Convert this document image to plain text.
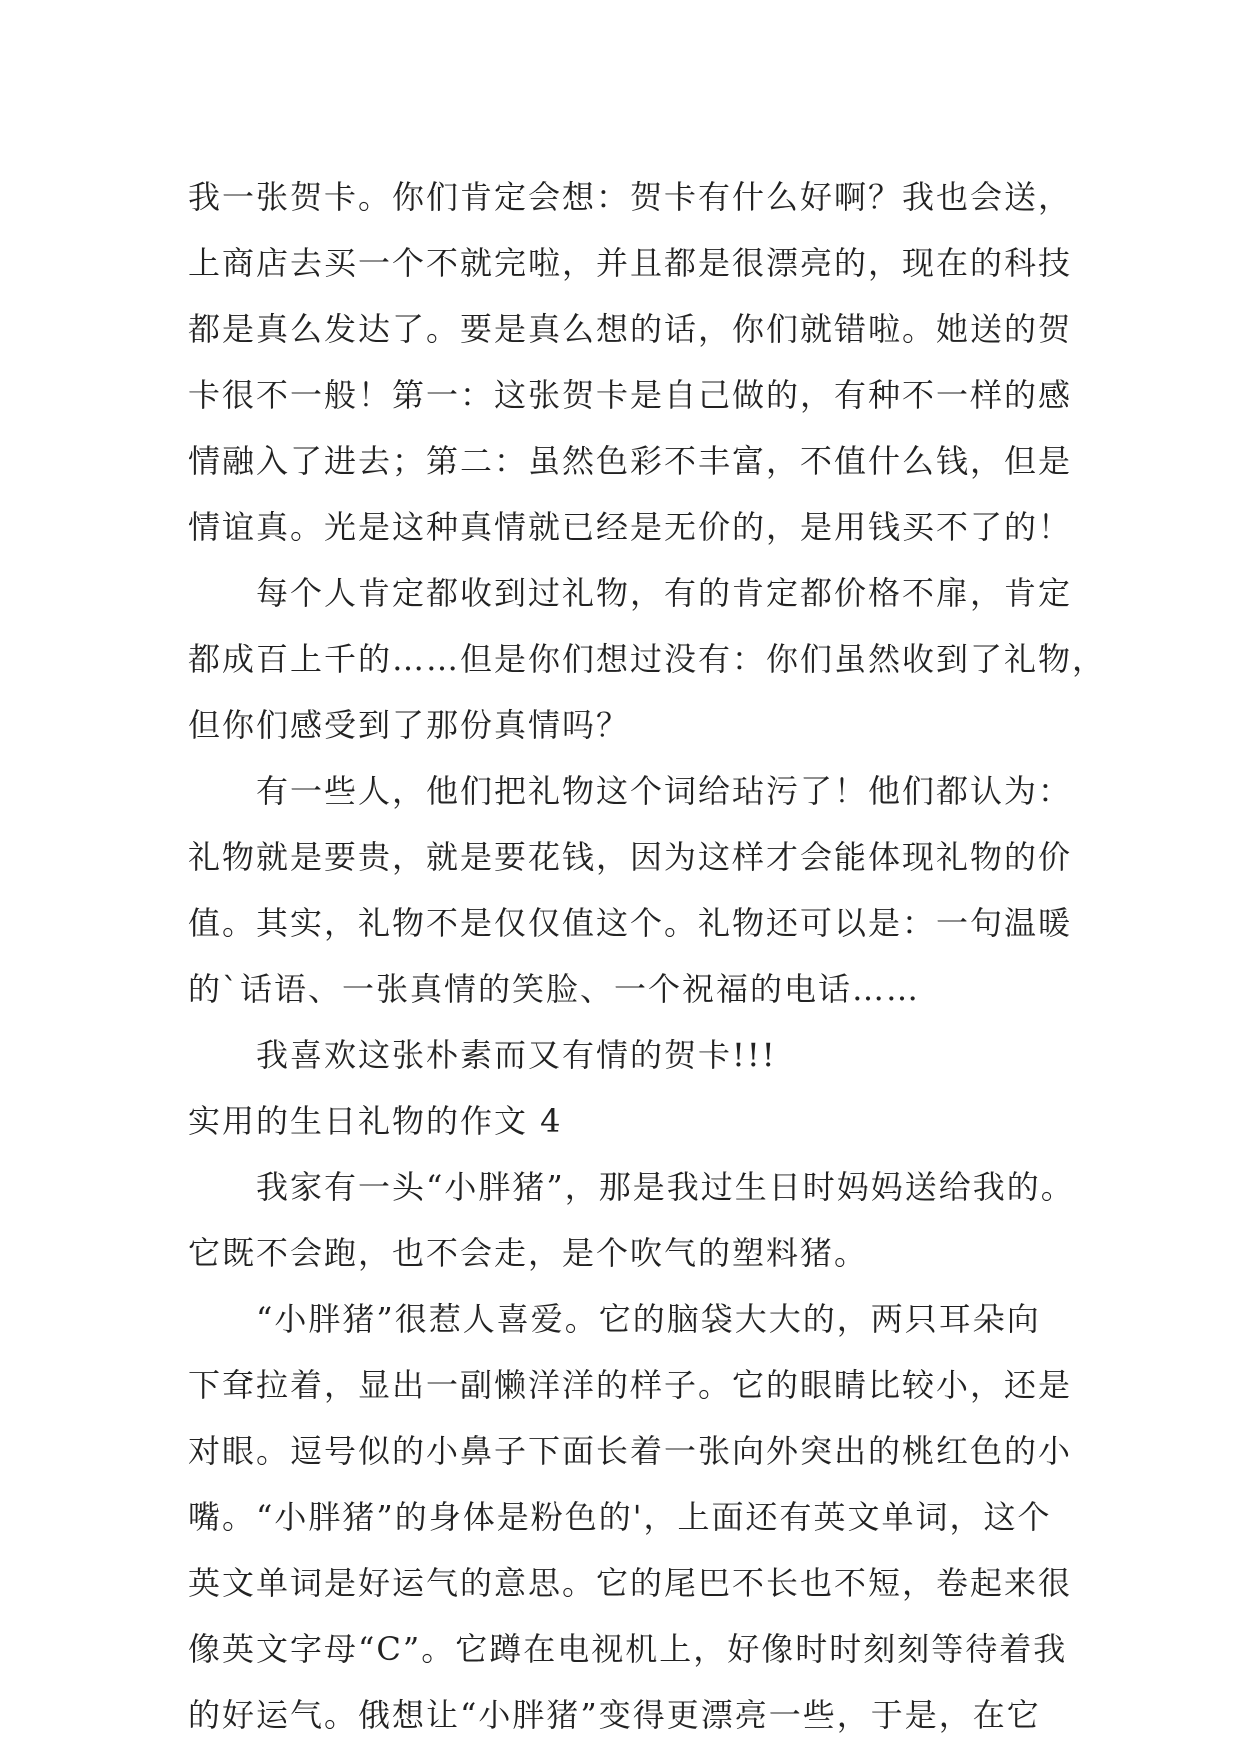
我一张贺卡。你们肯定会想：贺卡有什么好啊？我也会送，

上商店去买一个不就完啦，并且都是很漂亮的，现在的科技

都是真么发达了。要是真么想的话，你们就错啦。她送的贺

卡很不一般！第一：这张贺卡是自己做的，有种不一样的感

情融入了进去；第二：虽然色彩不丰富，不值什么钱，但是

情谊真。光是这种真情就已经是无价的，是用钱买不了的！

每个人肯定都收到过礼物，有的肯定都价格不扉，肯定

都成百上千的……但是你们想过没有：你们虽然收到了礼物，

但你们感受到了那份真情吗？

有一些人，他们把礼物这个词给玷污了！他们都认为：

礼物就是要贵，就是要花钱，因为这样才会能体现礼物的价

值。其实，礼物不是仅仅值这个。礼物还可以是：一句温暖

的`话语、一张真情的笑脸、一个祝福的电话……

我喜欢这张朴素而又有情的贺卡!!!

实用的生日礼物的作文 4

我家有一头“小胖猪”，那是我过生日时妈妈送给我的。

它既不会跑，也不会走，是个吹气的塑料猪。

“小胖猪”很惹人喜爱。它的脑袋大大的，两只耳朵向

下耷拉着，显出一副懒洋洋的样子。它的眼睛比较小，还是

对眼。逗号似的小鼻子下面长着一张向外突出的桃红色的小

嘴。“小胖猪”的身体是粉色的'，上面还有英文单词，这个

英文单词是好运气的意思。它的尾巴不长也不短，卷起来很

像英文字母“C”。它蹲在电视机上，好像时时刻刻等待着我

的好运气。俄想让“小胖猪”变得更漂亮一些，于是，在它
